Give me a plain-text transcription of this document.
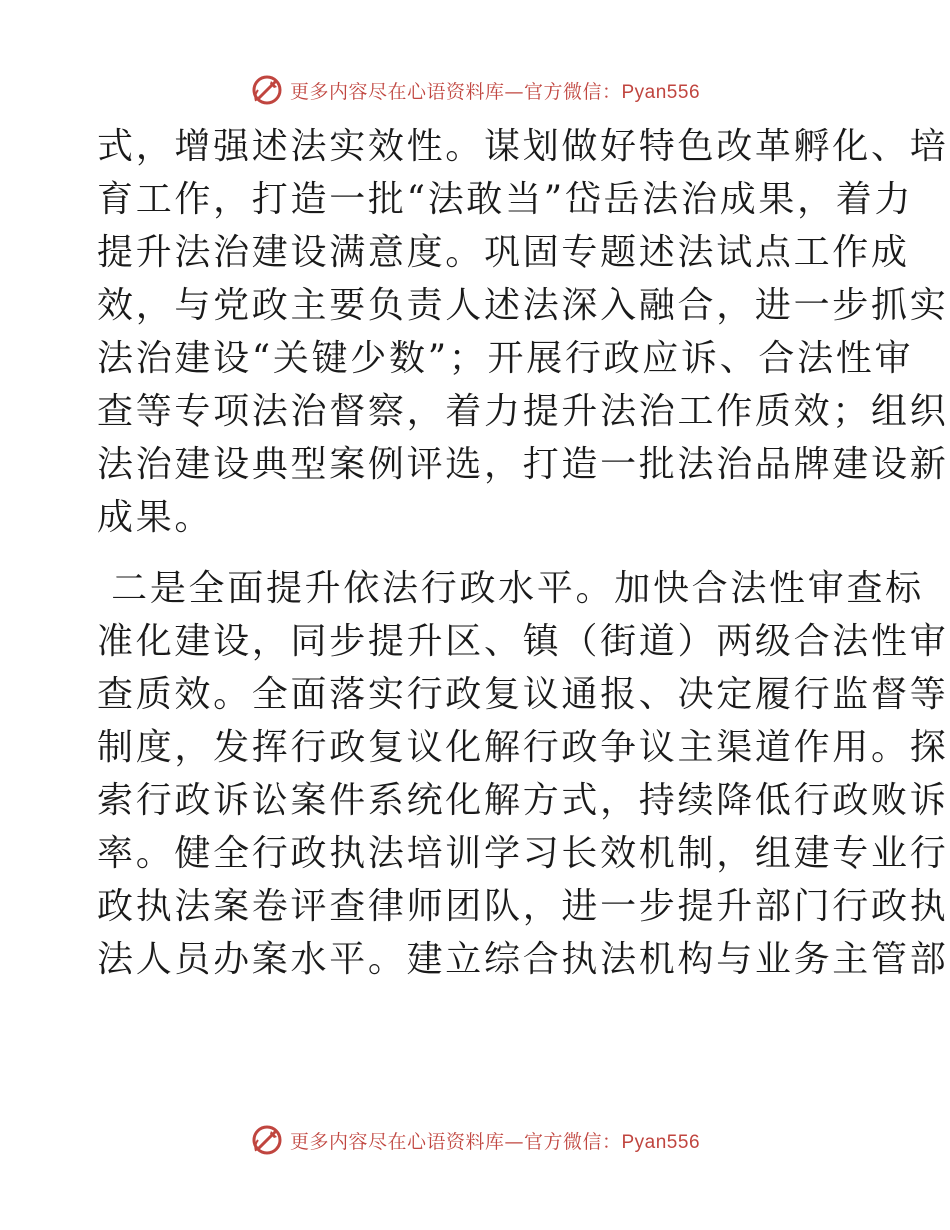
更多内容尽在心语资料库—官方微信：Pyan556
式，增强述法实效性。谋划做好特色改革孵化、培
育工作，打造一批“法敢当”岱岳法治成果，着力
提升法治建设满意度。巩固专题述法试点工作成
效，与党政主要负责人述法深入融合，进一步抓实
法治建设“关键少数”；开展行政应诉、合法性审
查等专项法治督察，着力提升法治工作质效；组织
法治建设典型案例评选，打造一批法治品牌建设新
成果。
二是全面提升依法行政水平。加快合法性审查标
准化建设，同步提升区、镇（街道）两级合法性审
查质效。全面落实行政复议通报、决定履行监督等
制度，发挥行政复议化解行政争议主渠道作用。探
索行政诉讼案件系统化解方式，持续降低行政败诉
率。健全行政执法培训学习长效机制，组建专业行
政执法案卷评查律师团队，进一步提升部门行政执
法人员办案水平。建立综合执法机构与业务主管部
更多内容尽在心语资料库—官方微信：Pyan556
